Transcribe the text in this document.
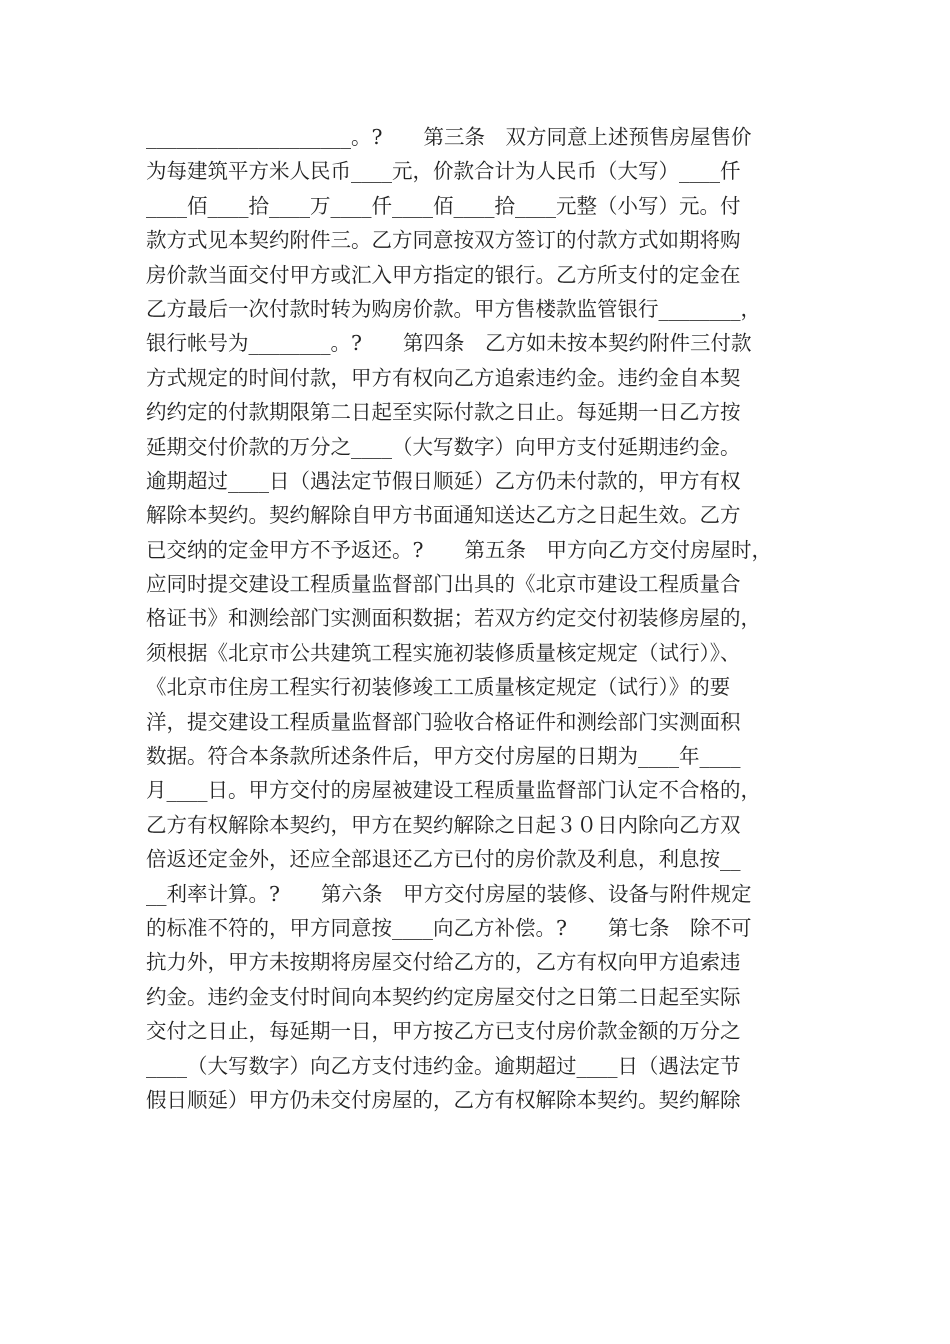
____________________。?　　第三条　双方同意上述预售房屋售价
为每建筑平方米人民币____元，价款合计为人民币（大写）____仟
____佰____拾____万____仟____佰____拾____元整（小写）元。付
款方式见本契约附件三。乙方同意按双方签订的付款方式如期将购
房价款当面交付甲方或汇入甲方指定的银行。乙方所支付的定金在
乙方最后一次付款时转为购房价款。甲方售楼款监管银行________，
银行帐号为________。?　　第四条　乙方如未按本契约附件三付款
方式规定的时间付款，甲方有权向乙方追索违约金。违约金自本契
约约定的付款期限第二日起至实际付款之日止。每延期一日乙方按
延期交付价款的万分之____（大写数字）向甲方支付延期违约金。
逾期超过____日（遇法定节假日顺延）乙方仍未付款的，甲方有权
解除本契约。契约解除自甲方书面通知送达乙方之日起生效。乙方
已交纳的定金甲方不予返还。?　　第五条　甲方向乙方交付房屋时，
应同时提交建设工程质量监督部门出具的《北京市建设工程质量合
格证书》和测绘部门实测面积数据；若双方约定交付初装修房屋的，
须根据《北京市公共建筑工程实施初装修质量核定规定（试行）》、
《北京市住房工程实行初装修竣工工质量核定规定（试行）》的要
洋，提交建设工程质量监督部门验收合格证件和测绘部门实测面积
数据。符合本条款所述条件后，甲方交付房屋的日期为____年____
月____日。甲方交付的房屋被建设工程质量监督部门认定不合格的，
乙方有权解除本契约，甲方在契约解除之日起３０日内除向乙方双
倍返还定金外，还应全部退还乙方已付的房价款及利息，利息按__
__利率计算。?　　第六条　甲方交付房屋的装修、设备与附件规定
的标准不符的，甲方同意按____向乙方补偿。?　　第七条　除不可
抗力外，甲方未按期将房屋交付给乙方的，乙方有权向甲方追索违
约金。违约金支付时间向本契约约定房屋交付之日第二日起至实际
交付之日止，每延期一日，甲方按乙方已支付房价款金额的万分之
____（大写数字）向乙方支付违约金。逾期超过____日（遇法定节
假日顺延）甲方仍未交付房屋的，乙方有权解除本契约。契约解除
